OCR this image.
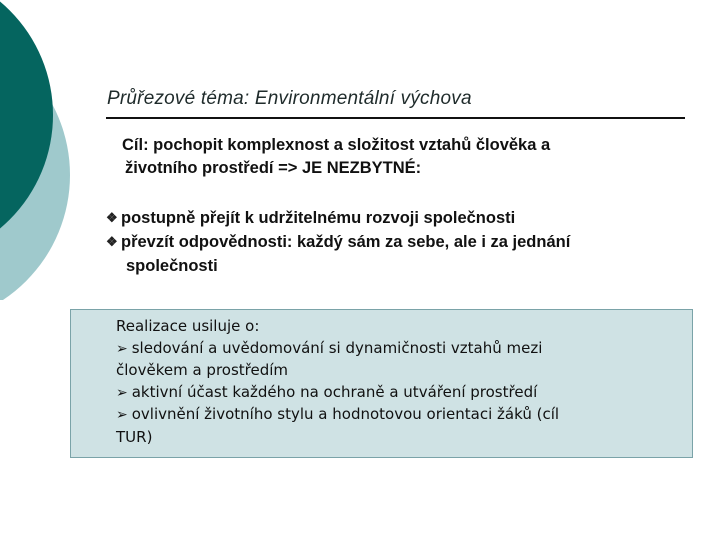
Průřezové téma: Environmentální výchova
Cíl: pochopit komplexnost a složitost vztahů člověka a
životního prostředí => JE NEZBYTNÉ:
❖ postupně přejít k udržitelnému rozvoji společnosti
❖ převzít odpovědnosti: každý sám za sebe, ale i za jednání
společnosti
Realizace usiluje o:
➢ sledování a uvědomování si dynamičnosti vztahů mezi
člověkem a prostředím
➢ aktivní účast každého na ochraně a utváření prostředí
➢ ovlivnění životního stylu a hodnotovou orientaci žáků (cíl
TUR)
